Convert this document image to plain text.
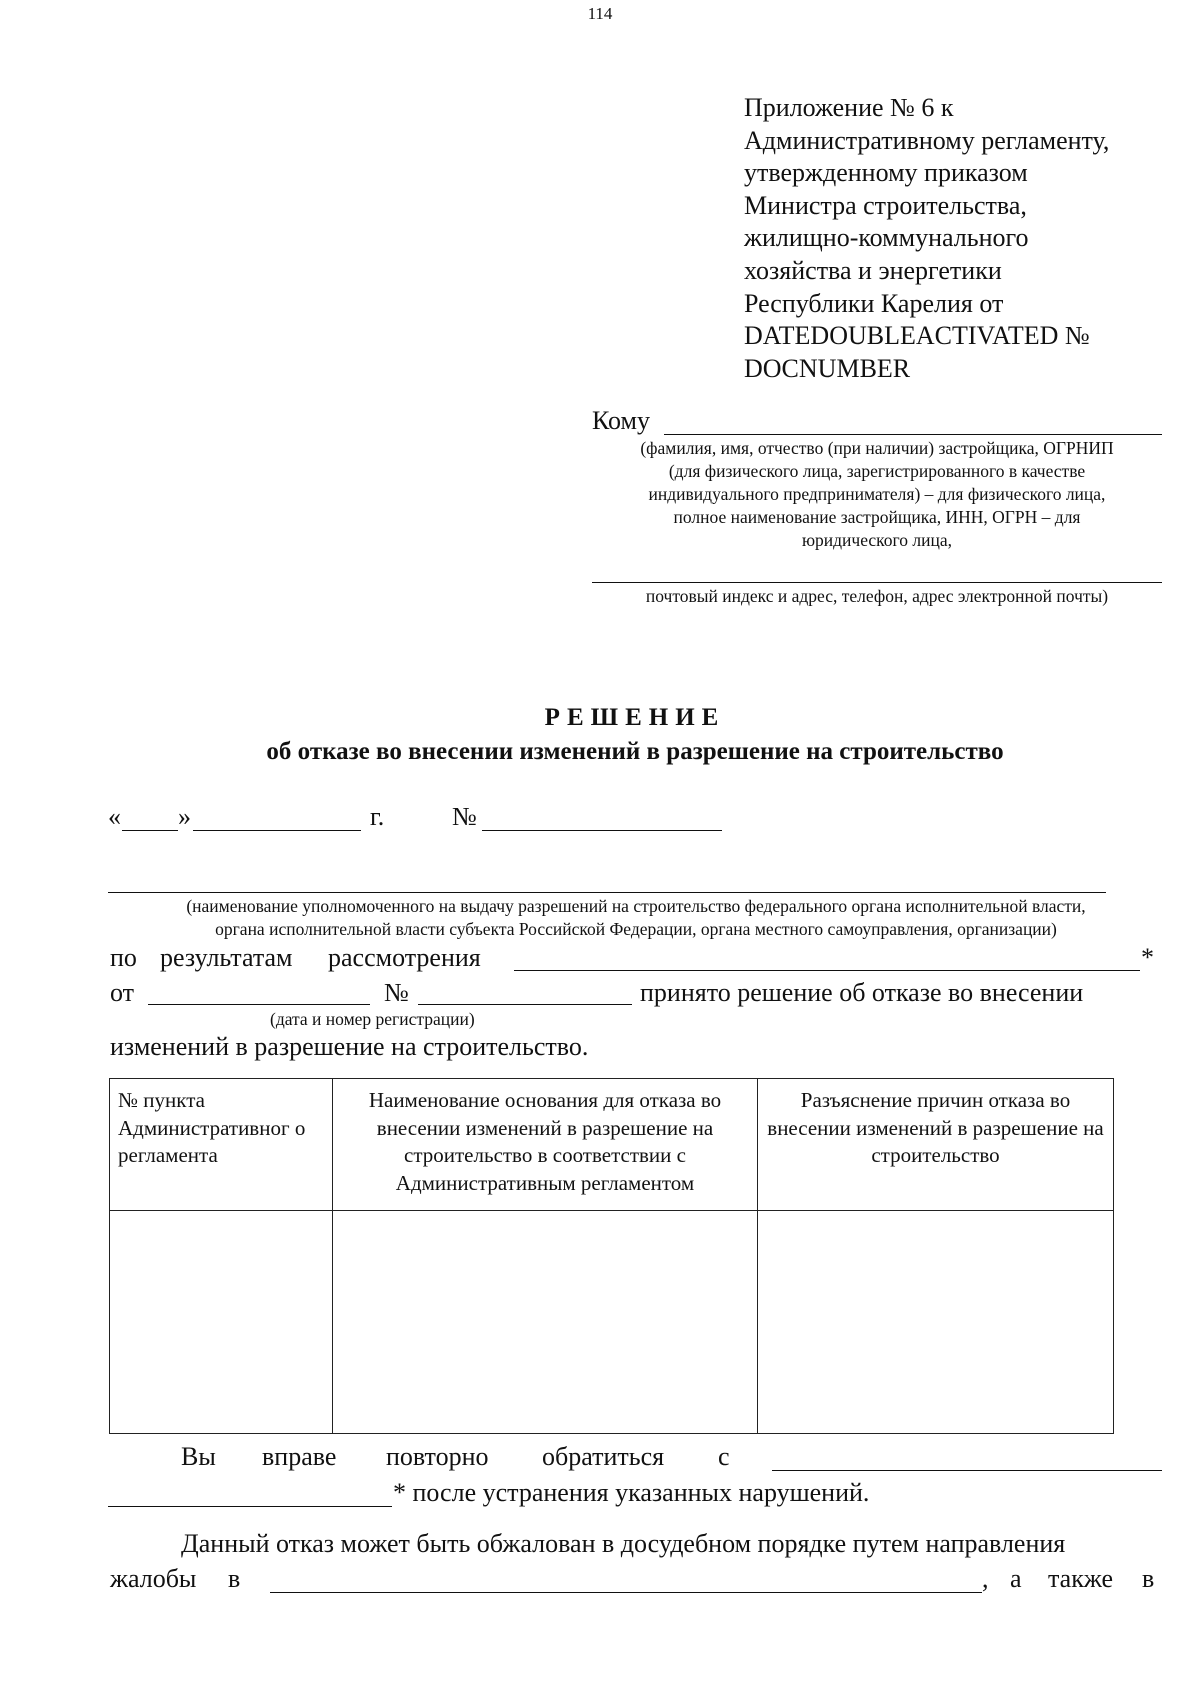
114
Приложение № 6 к
Административному регламенту,
утвержденному приказом
Министра строительства,
жилищно-коммунального
хозяйства и энергетики
Республики Карелия от
DATEDOUBLEACTIVATED №
DOCNUMBER
Кому
(фамилия, имя, отчество (при наличии) застройщика, ОГРНИП
(для физического лица, зарегистрированного в качестве
индивидуального предпринимателя) – для физического лица,
полное наименование застройщика, ИНН, ОГРН – для
юридического лица,
почтовый индекс и адрес, телефон, адрес электронной почты)
РЕШЕНИЕ
об отказе во внесении изменений в разрешение на строительство
« »	г.	№
(наименование уполномоченного на выдачу разрешений на строительство федерального органа исполнительной власти,
органа исполнительной власти субъекта Российской Федерации, органа местного самоуправления, организации)
по результатам рассмотрения	*
от	№	принято решение об отказе во внесении
(дата и номер регистрации)
изменений в разрешение на строительство.
№ пункта Административног о регламента	Наименование основания для отказа во внесении изменений в разрешение на строительство в соответствии с Административным регламентом	Разъяснение причин отказа во внесении изменений в разрешение на строительство

Вы вправе повторно обратиться с
* после устранения указанных нарушений.
Данный отказ может быть обжалован в досудебном порядке путем направления
жалобы в	, а также в
